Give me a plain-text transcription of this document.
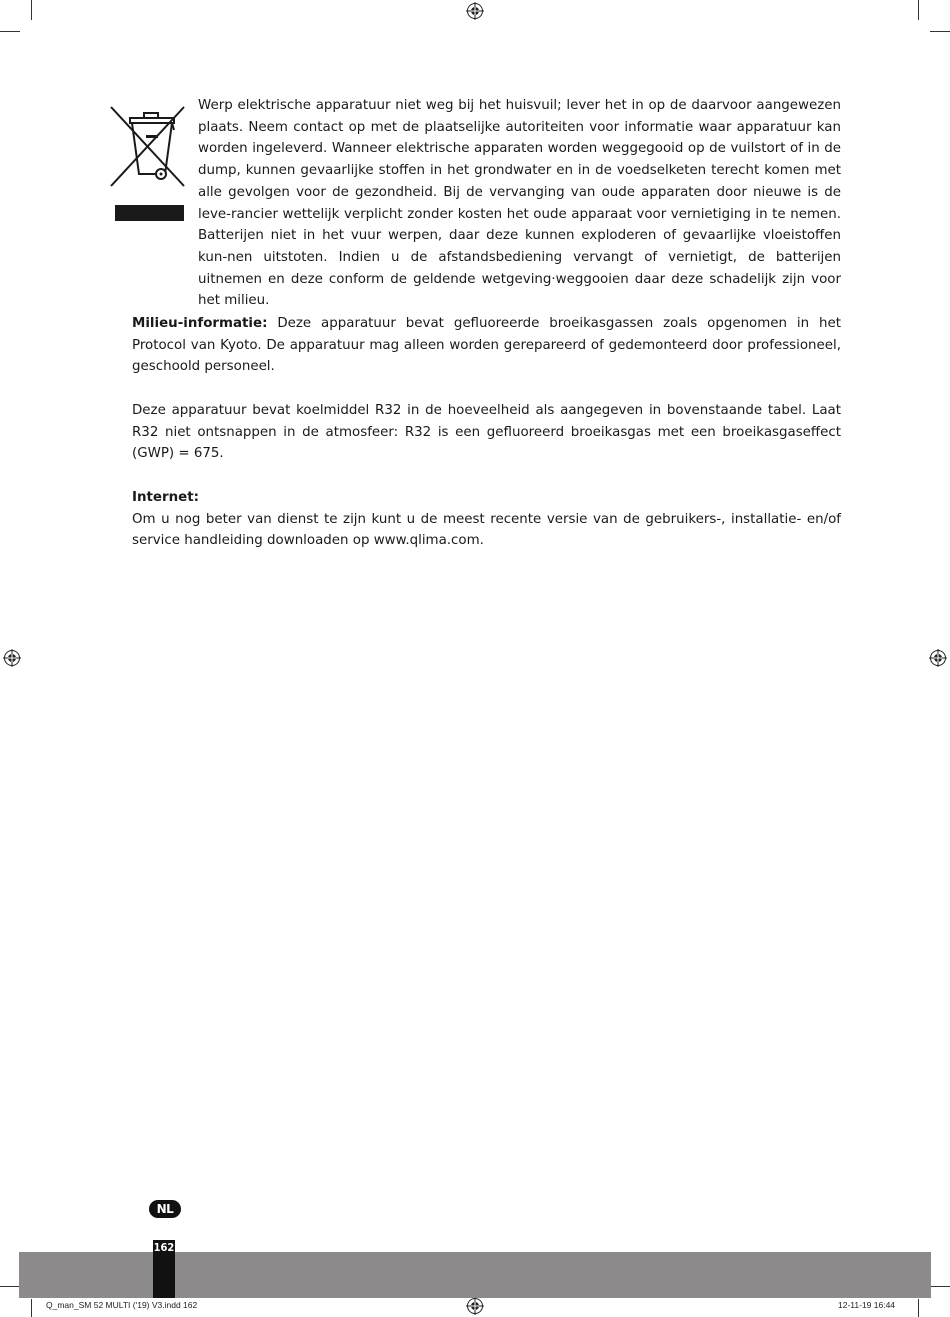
Werp elektrische apparatuur niet weg bij het huisvuil; lever het in op de daarvoor aangewezen plaats. Neem contact op met de plaatselijke autoriteiten voor informatie waar apparatuur kan worden ingeleverd. Wanneer elektrische apparaten worden weggegooid op de vuilstort of in de dump, kunnen gevaarlijke stoffen in het grondwater en in de voedselketen terecht komen met alle gevolgen voor de gezondheid. Bij de vervanging van oude apparaten door nieuwe is de leve-rancier wettelijk verplicht zonder kosten het oude apparaat voor vernietiging in te nemen. Batterijen niet in het vuur werpen, daar deze kunnen exploderen of gevaarlijke vloeistoffen kun-nen uitstoten. Indien u de afstandsbediening vervangt of vernietigt, de batterijen uitnemen en deze conform de geldende wetgeving·weggooien daar deze schadelijk zijn voor het milieu.

Milieu-informatie: Deze apparatuur bevat gefluoreerde broeikasgassen zoals opgenomen in het Protocol van Kyoto. De apparatuur mag alleen worden gerepareerd of gedemonteerd door professioneel, geschoold personeel.

Deze apparatuur bevat koelmiddel R32 in de hoeveelheid als aangegeven in bovenstaande tabel. Laat R32 niet ontsnappen in de atmosfeer: R32 is een gefluoreerd broeikasgas met een broeikasgaseffect (GWP) = 675.

Internet:
Om u nog beter van dienst te zijn kunt u de meest recente versie van de gebruikers-, installatie- en/of service handleiding downloaden op www.qlima.com.

NL
162
Q_man_SM 52 MULTI ('19) V3.indd 162	12-11-19 16:44
